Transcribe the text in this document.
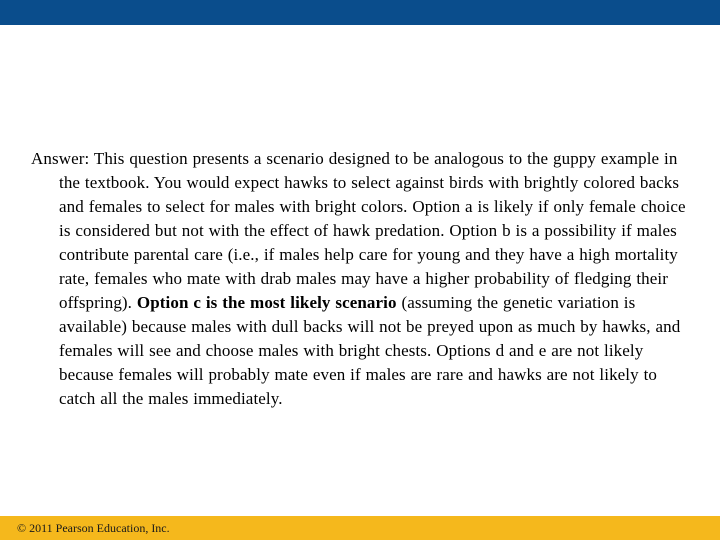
Answer: This question presents a scenario designed to be analogous to the guppy example in the textbook. You would expect hawks to select against birds with brightly colored backs and females to select for males with bright colors. Option a is likely if only female choice is considered but not with the effect of hawk predation. Option b is a possibility if males contribute parental care (i.e., if males help care for young and they have a high mortality rate, females who mate with drab males may have a higher probability of fledging their offspring). Option c is the most likely scenario (assuming the genetic variation is available) because males with dull backs will not be preyed upon as much by hawks, and females will see and choose males with bright chests. Options d and e are not likely because females will probably mate even if males are rare and hawks are not likely to catch all the males immediately.
© 2011 Pearson Education, Inc.
